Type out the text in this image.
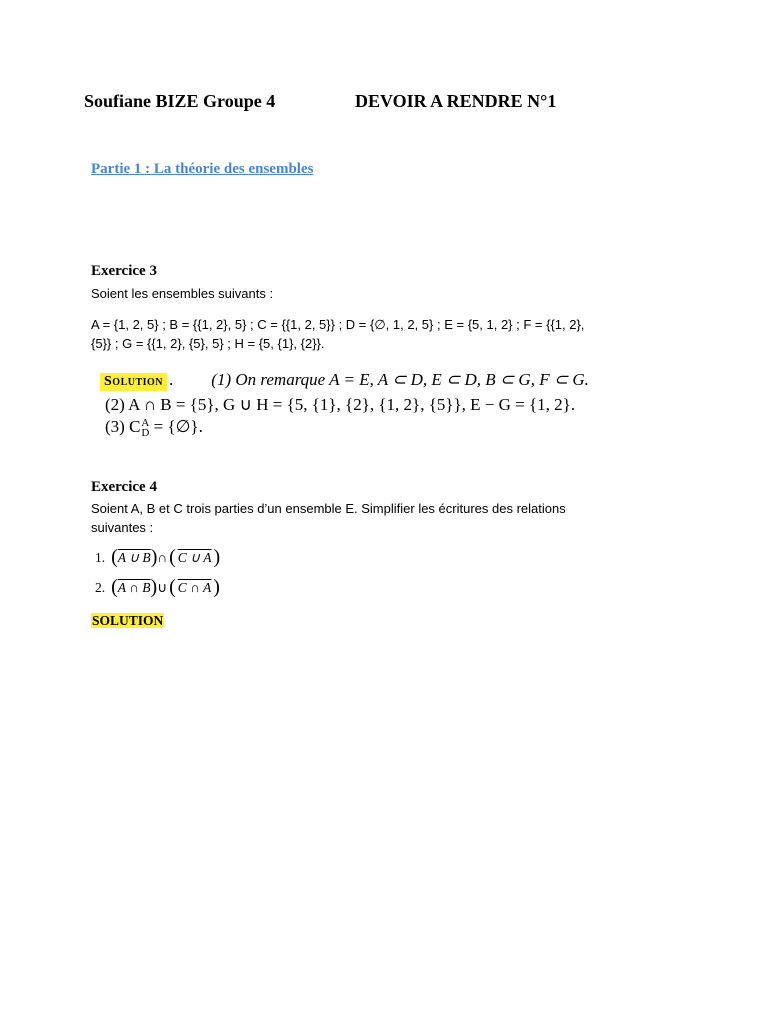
Soufiane BIZE Groupe 4	DEVOIR A RENDRE N°1
Partie 1 : La théorie des ensembles
Exercice 3
Soient les ensembles suivants :
A = {1, 2, 5} ; B = {{1, 2}, 5} ; C = {{1, 2, 5}} ; D = {∅, 1, 2, 5} ; E = {5, 1, 2} ; F = {{1, 2},
{5}} ; G = {{1, 2}, {5}, 5} ; H = {5, {1}, {2}}.
Solution . (1) On remarque A = E, A ⊂ D, E ⊂ D, B ⊂ G, F ⊂ G.
(2) A ∩ B = {5}, G ∪ H = {5, {1}, {2}, {1, 2}, {5}}, E − G = {1, 2}.
(3) C A
D = {∅}.
Exercice 4
Soient A, B et C trois parties d’un ensemble E. Simplifier les écritures des relations
suivantes :
1. ( A ∪ B ) ∩ ( C ∪ A )
2. ( A ∩ B ) ∪ ( C ∩ A )
SOLUTION
